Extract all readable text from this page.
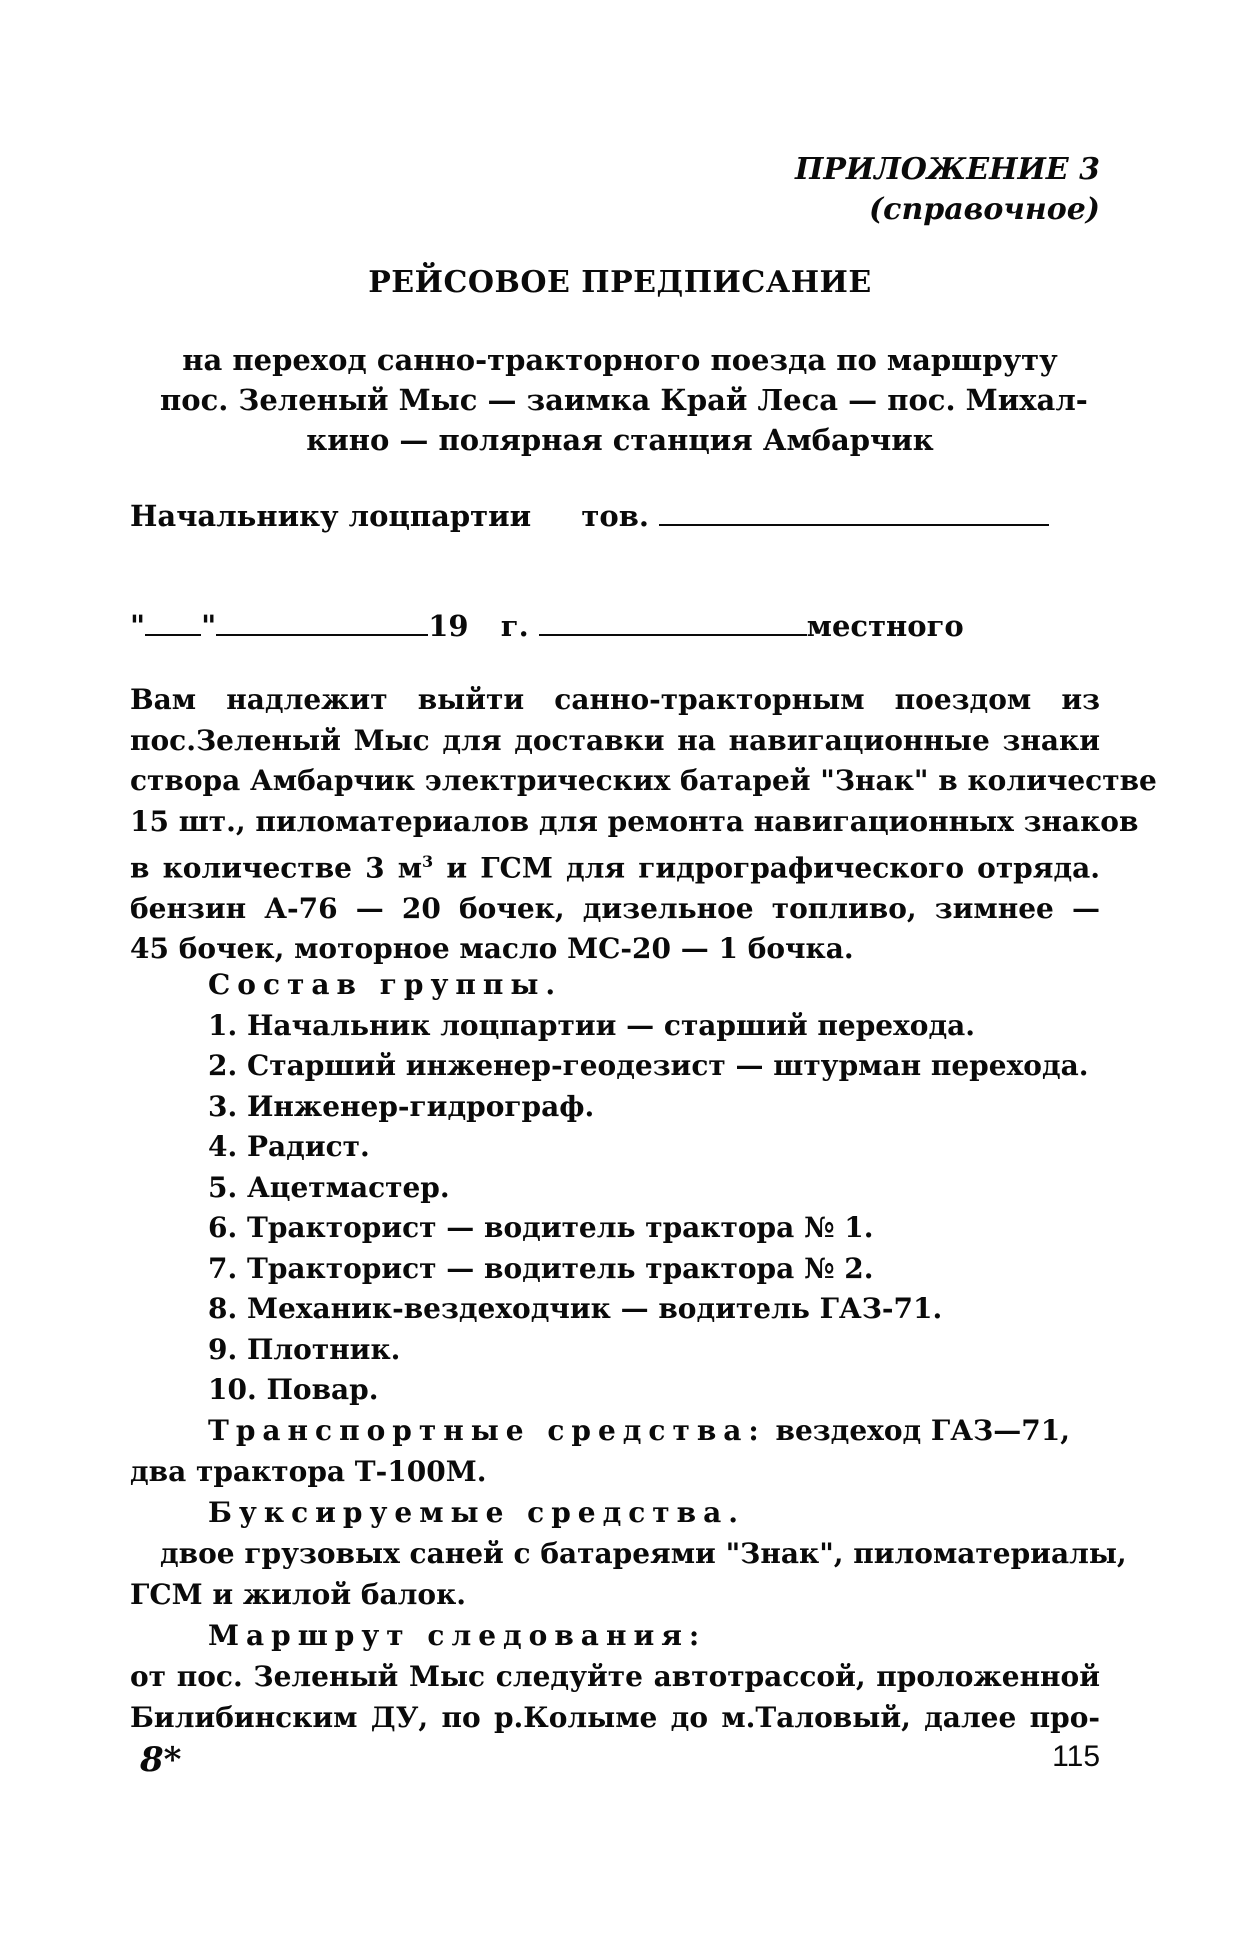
ПРИЛОЖЕНИЕ 3
(справочное)
РЕЙСОВОЕ ПРЕДПИСАНИЕ
на переход санно-тракторного поезда по маршруту
пос. Зеленый Мыс — заимка Край Леса — пос. Михал-
кино — полярная станция Амбарчик
Начальнику лоцпартии тов.
" "	19 г.	местного
Вам надлежит выйти санно-тракторным поездом из
пос.Зеленый Мыс для доставки на навигационные знаки
створа Амбарчик электрических батарей "Знак" в количестве
15 шт., пиломатериалов для ремонта навигационных знаков
в количестве 3 $м^3$ и ГСМ для гидрографического отряда.
бензин А-76 — 20 бочек, дизельное топливо, зимнее —
45 бочек, моторное масло МС-20 — 1 бочка.
Состав группы.
1. Начальник лоцпартии — старший перехода.
2. Старший инженер-геодезист — штурман перехода.
3. Инженер-гидрограф.
4. Радист.
5. Ацетмастер.
6. Тракторист — водитель трактора № 1.
7. Тракторист — водитель трактора № 2.
8. Механик-вездеходчик — водитель ГАЗ-71.
9. Плотник.
10. Повар.
Транспортные средства: вездеход ГАЗ—71,
два трактора Т-100М.
Буксируемые средства.
двое грузовых саней с батареями "Знак", пиломатериалы,
ГСМ и жилой балок.
Маршрут следования:
от пос. Зеленый Мыс следуйте автотрассой, проложенной
Билибинским ДУ, по р.Колыме до м.Таловый, далее про-
8*	115
